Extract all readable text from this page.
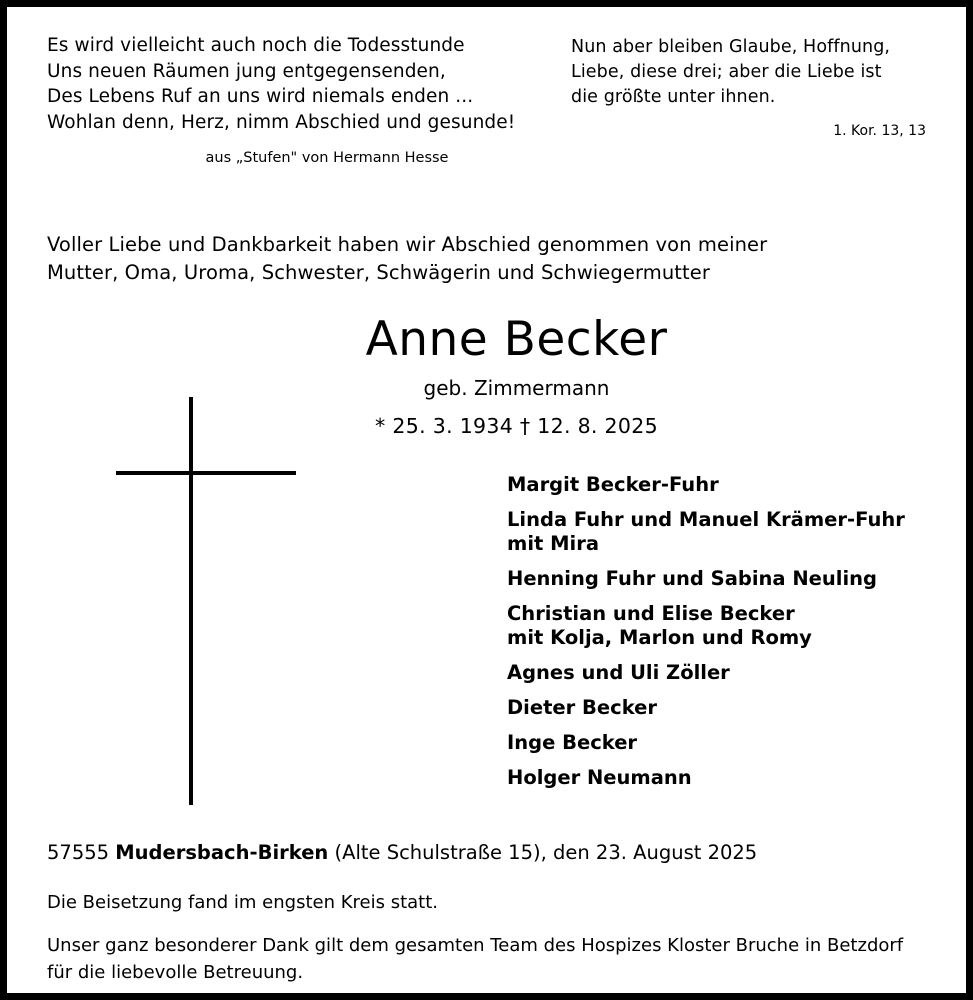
Es wird vielleicht auch noch die Todesstunde
Uns neuen Räumen jung entgegensenden,
Des Lebens Ruf an uns wird niemals enden ...
Wohlan denn, Herz, nimm Abschied und gesunde!
aus „Stufen" von Hermann Hesse
Nun aber bleiben Glaube, Hoffnung,
Liebe, diese drei; aber die Liebe ist
die größte unter ihnen.
1. Kor. 13, 13
Voller Liebe und Dankbarkeit haben wir Abschied genommen von meiner
Mutter, Oma, Uroma, Schwester, Schwägerin und Schwiegermutter
Anne Becker
geb. Zimmermann
* 25. 3. 1934 † 12. 8. 2025
Margit Becker-Fuhr
Linda Fuhr und Manuel Krämer-Fuhr
mit Mira
Henning Fuhr und Sabina Neuling
Christian und Elise Becker
mit Kolja, Marlon und Romy
Agnes und Uli Zöller
Dieter Becker
Inge Becker
Holger Neumann
57555 Mudersbach-Birken (Alte Schulstraße 15), den 23. August 2025
Die Beisetzung fand im engsten Kreis statt.
Unser ganz besonderer Dank gilt dem gesamten Team des Hospizes Kloster Bruche in Betzdorf
für die liebevolle Betreuung.
